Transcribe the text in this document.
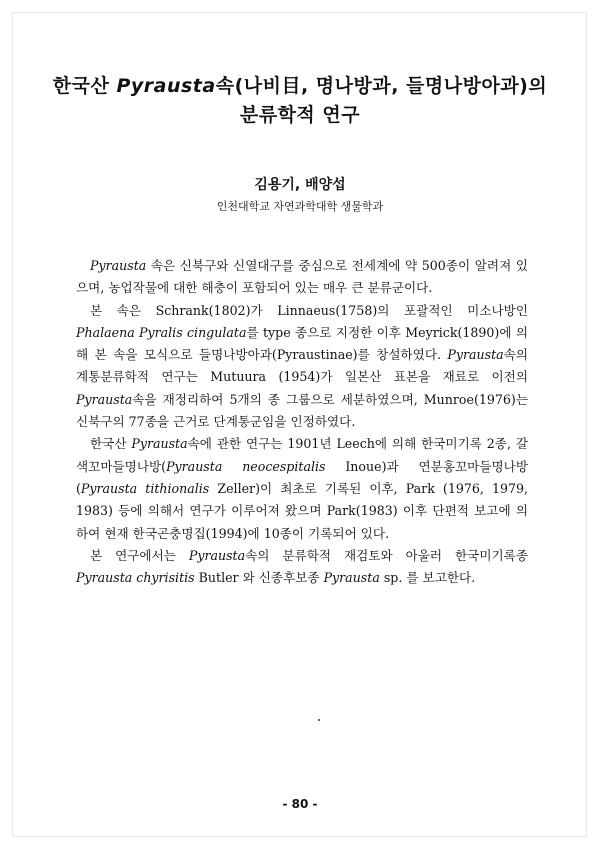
한국산 Pyrausta속(나비目, 명나방과, 들명나방아과)의
분류학적 연구
김용기, 배양섭
인천대학교 자연과학대학 생물학과

Pyrausta 속은 신북구와 신열대구를 중심으로 전세계에 약 500종이 알려져 있으며, 농업작물에 대한 해충이 포함되어 있는 매우 큰 분류군이다.

본 속은 Schrank(1802)가 Linnaeus(1758)의 포괄적인 미소나방인 Phalaena Pyralis cingulata를 type 종으로 지정한 이후 Meyrick(1890)에 의해 본 속을 모식으로 들명나방아과(Pyraustinae)를 창설하였다. Pyrausta속의 계통분류학적 연구는 Mutuura (1954)가 일본산 표본을 재료로 이전의 Pyrausta속을 재정리하여 5개의 종 그룹으로 세분하였으며, Munroe(1976)는 신북구의 77종을 근거로 단계통군임을 인정하였다.

한국산 Pyrausta속에 관한 연구는 1901년 Leech에 의해 한국미기록 2종, 갈색꼬마들명나방(Pyrausta neocespitalis Inoue)과 연분홍꼬마들명나방(Pyrausta tithionalis Zeller)이 최초로 기록된 이후, Park (1976, 1979, 1983) 등에 의해서 연구가 이루어져 왔으며 Park(1983) 이후 단편적 보고에 의하여 현재 한국곤충명집(1994)에 10종이 기록되어 있다.

본 연구에서는 Pyrausta속의 분류학적 재검토와 아울러 한국미기록종 Pyrausta chyrisitis Butler 와 신종후보종 Pyrausta sp. 를 보고한다.

- 80 -
